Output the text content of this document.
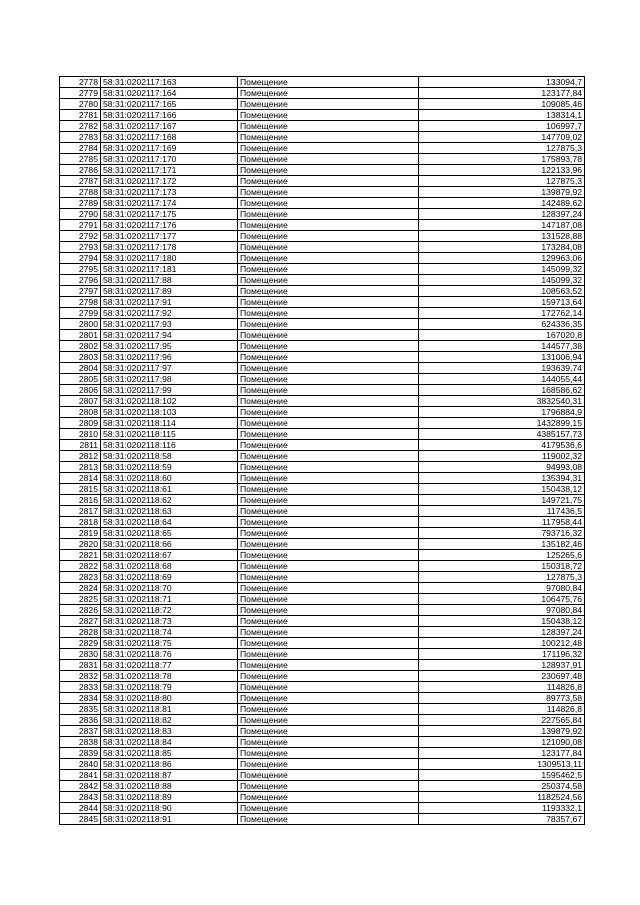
2778	58:31:0202117:163	Помещение	133094,7
2779	58:31:0202117:164	Помещение	123177,84
2780	58:31:0202117:165	Помещение	109085,46
2781	58:31:0202117:166	Помещение	138314,1
2782	58:31:0202117:167	Помещение	106997,7
2783	58:31:0202117:168	Помещение	147709,02
2784	58:31:0202117:169	Помещение	127875,3
2785	58:31:0202117:170	Помещение	175893,78
2786	58:31:0202117:171	Помещение	122133,96
2787	58:31:0202117:172	Помещение	127875,3
2788	58:31:0202117:173	Помещение	139879,92
2789	58:31:0202117:174	Помещение	142489,62
2790	58:31:0202117:175	Помещение	128397,24
2791	58:31:0202117:176	Помещение	147187,08
2792	58:31:0202117:177	Помещение	131528,88
2793	58:31:0202117:178	Помещение	173284,08
2794	58:31:0202117:180	Помещение	129963,06
2795	58:31:0202117:181	Помещение	145099,32
2796	58:31:0202117:88	Помещение	145099,32
2797	58:31:0202117:89	Помещение	108563,52
2798	58:31:0202117:91	Помещение	159713,64
2799	58:31:0202117:92	Помещение	172762,14
2800	58:31:0202117:93	Помещение	624336,35
2801	58:31:0202117:94	Помещение	167020,8
2802	58:31:0202117:95	Помещение	144577,38
2803	58:31:0202117:96	Помещение	131006,94
2804	58:31:0202117:97	Помещение	193639,74
2805	58:31:0202117:98	Помещение	144055,44
2806	58:31:0202117:99	Помещение	168586,62
2807	58:31:0202118:102	Помещение	3832540,31
2808	58:31:0202118:103	Помещение	1796884,9
2809	58:31:0202118:114	Помещение	1432899,15
2810	58:31:0202118:115	Помещение	4385157,73
2811	58:31:0202118:116	Помещение	4179536,6
2812	58:31:0202118:58	Помещение	119002,32
2813	58:31:0202118:59	Помещение	94993,08
2814	58:31:0202118:60	Помещение	135394,31
2815	58:31:0202118:61	Помещение	150438,12
2816	58:31:0202118:62	Помещение	149721,75
2817	58:31:0202118:63	Помещение	117436,5
2818	58:31:0202118:64	Помещение	117958,44
2819	58:31:0202118:65	Помещение	793716,32
2820	58:31:0202118:66	Помещение	135182,46
2821	58:31:0202118:67	Помещение	125265,6
2822	58:31:0202118:68	Помещение	150318,72
2823	58:31:0202118:69	Помещение	127875,3
2824	58:31:0202118:70	Помещение	97080,84
2825	58:31:0202118:71	Помещение	106475,76
2826	58:31:0202118:72	Помещение	97080,84
2827	58:31:0202118:73	Помещение	150438,12
2828	58:31:0202118:74	Помещение	128397,24
2829	58:31:0202118:75	Помещение	100212,48
2830	58:31:0202118:76	Помещение	171196,32
2831	58:31:0202118:77	Помещение	128937,91
2832	58:31:0202118:78	Помещение	230697,48
2833	58:31:0202118:79	Помещение	114826,8
2834	58:31:0202118:80	Помещение	89773,58
2835	58:31:0202118:81	Помещение	114826,8
2836	58:31:0202118:82	Помещение	227565,84
2837	58:31:0202118:83	Помещение	139879,92
2838	58:31:0202118:84	Помещение	121090,08
2839	58:31:0202118:85	Помещение	123177,84
2840	58:31:0202118:86	Помещение	1309513,11
2841	58:31:0202118:87	Помещение	1595462,5
2842	58:31:0202118:88	Помещение	250374,58
2843	58:31:0202118:89	Помещение	1182524,56
2844	58:31:0202118:90	Помещение	1193332,1
2845	58:31:0202118:91	Помещение	78357,67
